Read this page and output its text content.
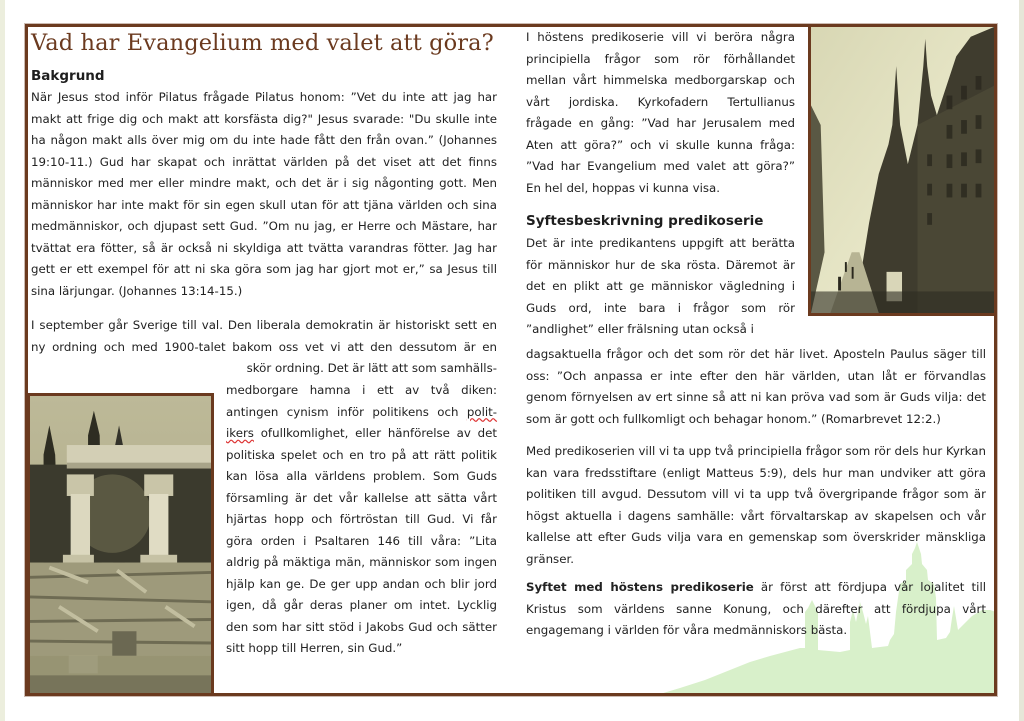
Vad har Evangelium med valet att göra?
Bakgrund

När Jesus stod inför Pilatus frågade Pilatus honom: ”Vet du inte att jag har makt att frige dig och makt att korsfästa dig?" Jesus svarade: "Du skulle inte ha någon makt alls över mig om du inte hade fått den från ovan.” (Johannes 19:10-11.) Gud har skapat och inrättat världen på det viset att det finns människor med mer eller mindre makt, och det är i sig någonting gott. Men människor har inte makt för sin egen skull utan för att tjäna världen och sina medmänniskor, och djupast sett Gud. ”Om nu jag, er Herre och Mästare, har tvättat era fötter, så är också ni skyldiga att tvätta varandras fötter. Jag har gett er ett exempel för att ni ska göra som jag har gjort mot er,” sa Jesus till sina lärjungar. (Johannes 13:14-15.)

I september går Sverige till val. Den liberala demokratin är historiskt sett en ny ordning och med 1900-talet bakom oss vet vi att den dessutom är en

skör ordning. Det är lätt att som samhälls-

medborgare hamna i ett av två diken: antingen cynism inför politikens och polit- ikers ofullkomlighet, eller hänförelse av det politiska spelet och en tro på att rätt politik kan lösa alla världens problem. Som Guds församling är det vår kallelse att sätta vårt hjärtas hopp och förtröstan till Gud. Vi får göra orden i Psaltaren 146 till våra: ”Lita aldrig på mäktiga män, människor som ingen hjälp kan ge. De ger upp andan och blir jord igen, då går deras planer om intet. Lycklig den som har sitt stöd i Jakobs Gud och sätter sitt hopp till Herren, sin Gud.”

I höstens predikoserie vill vi beröra några principiella frågor som rör förhållandet mellan vårt himmelska medborgarskap och vårt jordiska. Kyrkofadern Tertullianus frågade en gång: ”Vad har Jerusalem med Aten att göra?” och vi skulle kunna fråga: ”Vad har Evangelium med valet att göra?” En hel del, hoppas vi kunna visa.

Syftesbeskrivning predikoserie

Det är inte predikantens uppgift att berätta för människor hur de ska rösta. Däremot är det en plikt att ge människor vägledning i Guds ord, inte bara i frågor som rör ”andlighet” eller frälsning utan också i

dagsaktuella frågor och det som rör det här livet. Aposteln Paulus säger till oss: ”Och anpassa er inte efter den här världen, utan låt er förvandlas genom förnyelsen av ert sinne så att ni kan pröva vad som är Guds vilja: det som är gott och fullkomligt och behagar honom.” (Romarbrevet 12:2.)

Med predikoserien vill vi ta upp två principiella frågor som rör dels hur Kyrkan kan vara fredsstiftare (enligt Matteus 5:9), dels hur man undviker att göra politiken till avgud. Dessutom vill vi ta upp två övergripande frågor som är högst aktuella i dagens samhälle: vårt förvaltarskap av skapelsen och vår kallelse att efter Guds vilja vara en gemenskap som överskrider mänskliga gränser.

Syftet med höstens predikoserie är först att fördjupa vår lojalitet till Kristus som världens sanne Konung, och därefter att fördjupa vårt engagemang i världen för våra medmänniskors bästa.
